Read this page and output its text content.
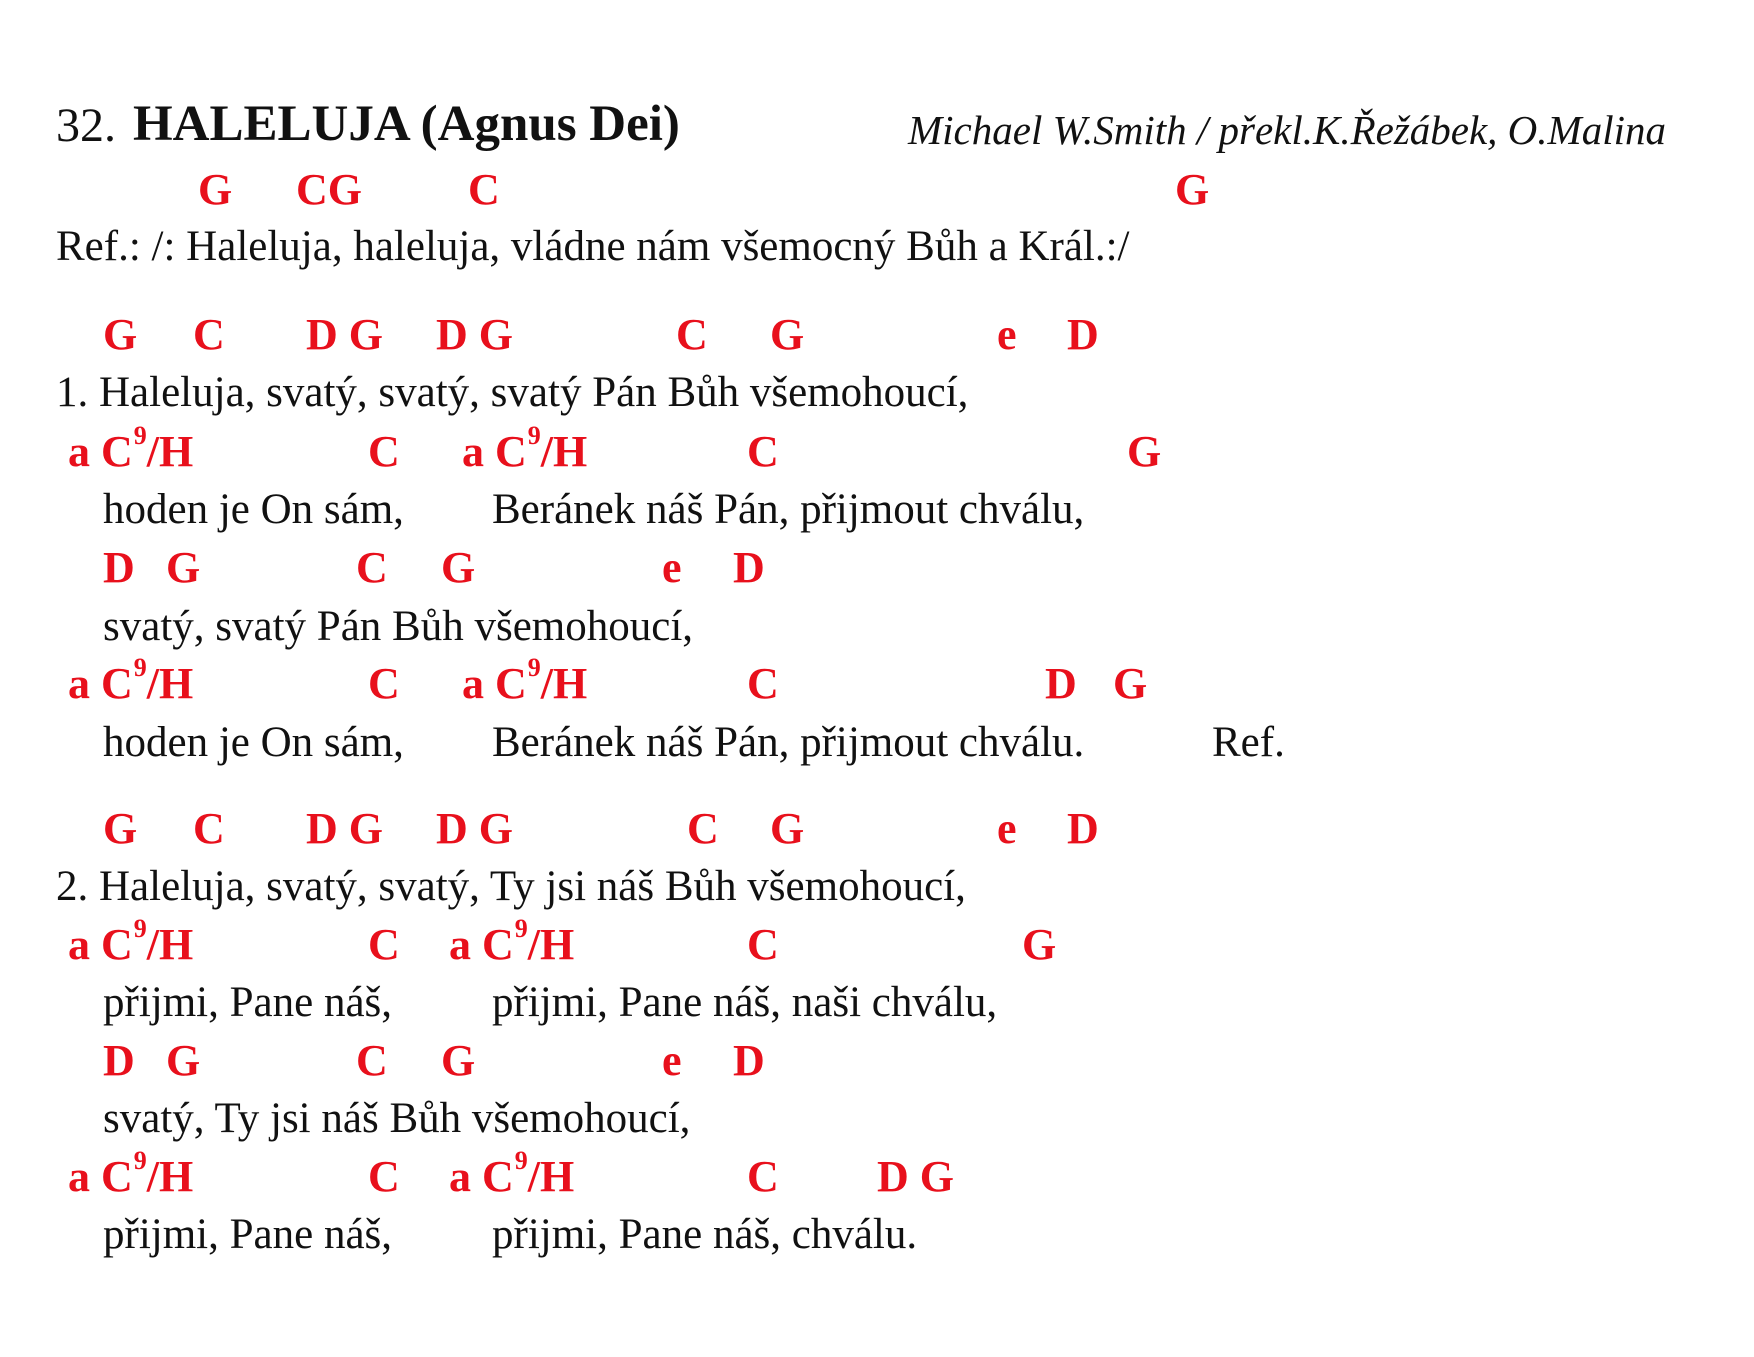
32. HALELUJA (Agnus Dei)	Michael W.Smith / překl.K.Řežábek, O.Malina
G CG C	G
Ref.: /: Haleluja, haleluja, vládne nám všemocný Bůh a Král.:/
G C D G D G	C G	e D
1. Haleluja, svatý, svatý, svatý Pán Bůh všemohoucí,
a $C^9/H$	C a $C^9/H$	C	G
hoden je On sám, Beránek náš Pán, přijmout chválu,
D G	C G	e D
svatý, svatý Pán Bůh všemohoucí,
a $C^9/H$	C a $C^9/H$	C	D G
hoden je On sám, Beránek náš Pán, přijmout chválu.	Ref.
G C D G D G	C G	e D
2. Haleluja, svatý, svatý, Ty jsi náš Bůh všemohoucí,
a $C^9/H$	C a $C^9/H$	C	G
přijmi, Pane náš, přijmi, Pane náš, naši chválu,
D G	C G	e D
svatý, Ty jsi náš Bůh všemohoucí,
a $C^9/H$	C a $C^9/H$	C D G
přijmi, Pane náš, přijmi, Pane náš, chválu.
